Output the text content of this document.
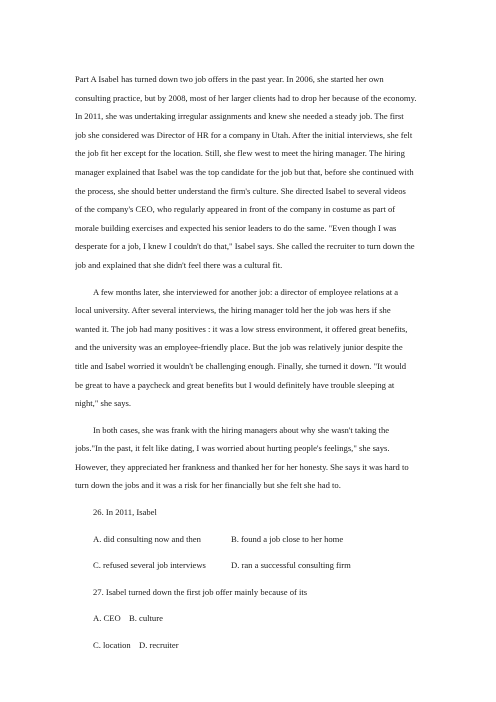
Part A Isabel has turned down two job offers in the past year. In 2006, she started her own
consulting practice, but by 2008, most of her larger clients had to drop her because of the economy.
In 2011, she was undertaking irregular assignments and knew she needed a steady job. The first
job she considered was Director of HR for a company in Utah. After the initial interviews, she felt
the job fit her except for the location. Still, she flew west to meet the hiring manager. The hiring
manager explained that Isabel was the top candidate for the job but that, before she continued with
the process, she should better understand the firm's culture. She directed Isabel to several videos
of the company's CEO, who regularly appeared in front of the company in costume as part of
morale building exercises and expected his senior leaders to do the same. "Even though I was
desperate for a job, I knew I couldn't do that," Isabel says. She called the recruiter to turn down the
job and explained that she didn't feel there was a cultural fit.
A few months later, she interviewed for another job: a director of employee relations at a
local university. After several interviews, the hiring manager told her the job was hers if she
wanted it. The job had many positives : it was a low stress environment, it offered great benefits,
and the university was an employee-friendly place. But the job was relatively junior despite the
title and Isabel worried it wouldn't be challenging enough. Finally, she turned it down. "It would
be great to have a paycheck and great benefits but I would definitely have trouble sleeping at
night," she says.
In both cases, she was frank with the hiring managers about why she wasn't taking the
jobs."In the past, it felt like dating, I was worried about hurting people's feelings," she says.
However, they appreciated her frankness and thanked her for her honesty. She says it was hard to
turn down the jobs and it was a risk for her financially but she felt she had to.
26. In 2011, Isabel
A. did consulting now and then	B. found a job close to her home
C. refused several job interviews	D. ran a successful consulting firm
27. Isabel turned down the first job offer mainly because of its
A. CEO B. culture
C. location D. recruiter
